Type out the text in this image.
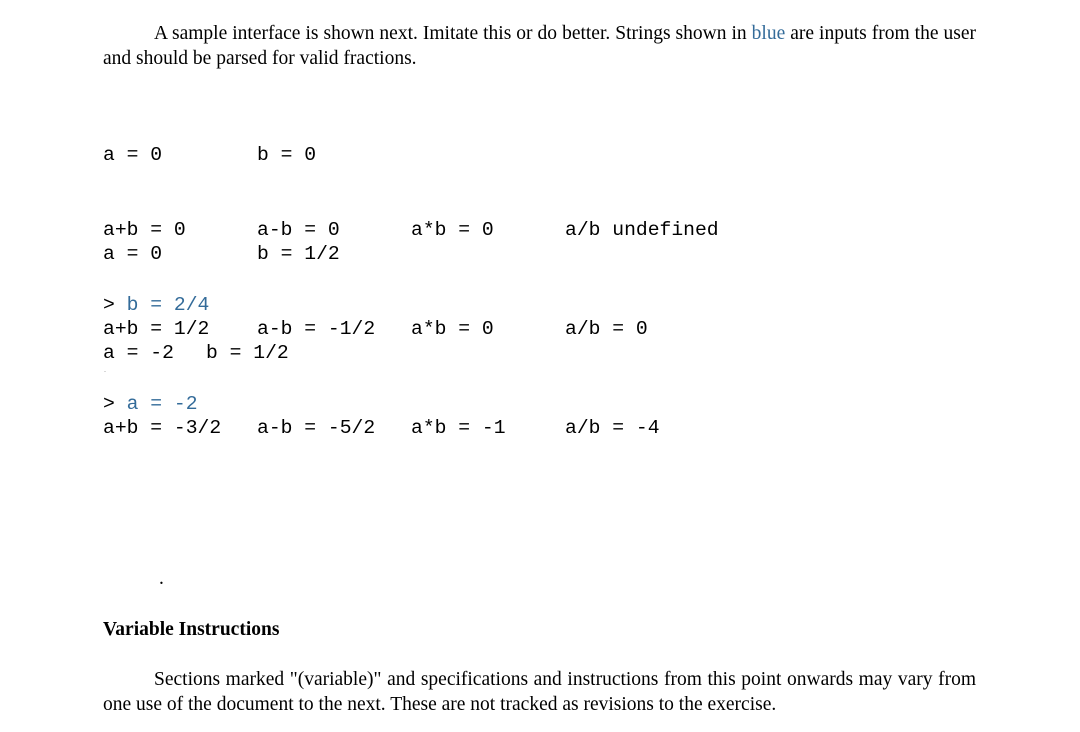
A sample interface is shown next. Imitate this or do better. Strings shown in blue are inputs from the user and should be parsed for valid fractions.

a = 0	b = 0

a+b = 0	a-b = 0	a*b = 0	a/b undefined

> b = 2/4

a = 0	b = 1/2

a+b = 1/2 a-b = -1/2 a*b = 0	a/b = 0

> a = -2

a = -2 b = 1/2

a+b = -3/2 a-b = -5/2 a*b = -1	a/b = -4

.
Variable Instructions

Sections marked "(variable)" and specifications and instructions from this point onwards may vary from one use of the document to the next. These are not tracked as revisions to the exercise.
